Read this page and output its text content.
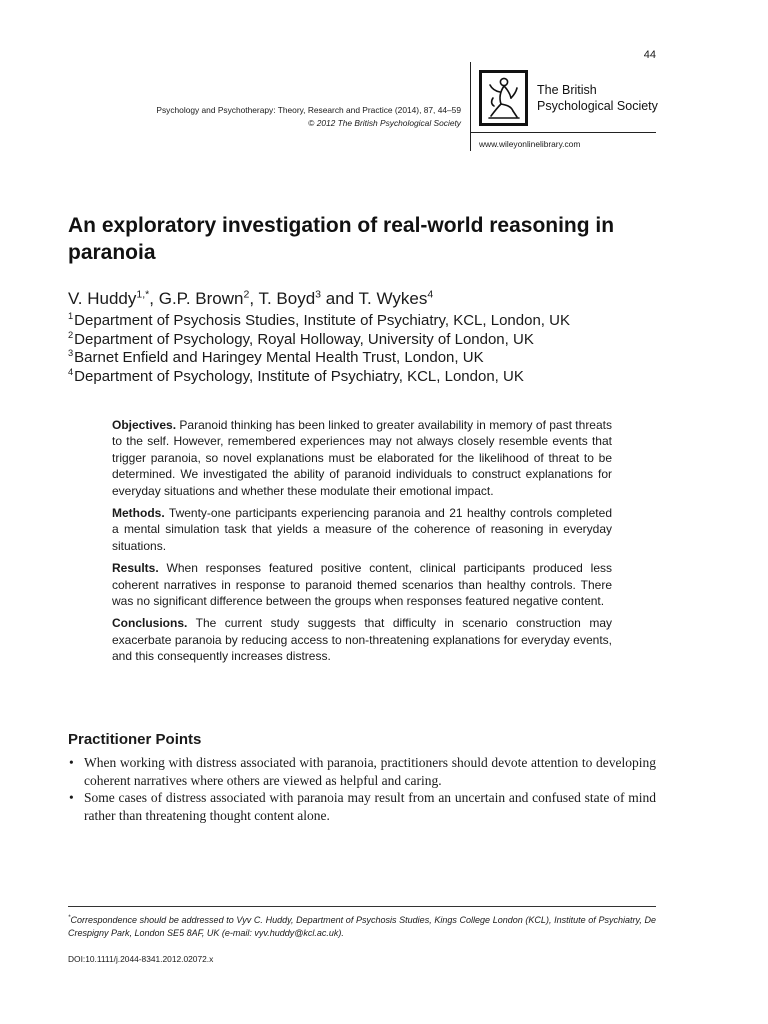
44
Psychology and Psychotherapy: Theory, Research and Practice (2014), 87, 44–59
© 2012 The British Psychological Society
The British
Psychological Society
www.wileyonlinelibrary.com
An exploratory investigation of real-world reasoning in paranoia
V. Huddy$^{1,*}$, G.P. Brown$^2$, T. Boyd$^3$ and T. Wykes$^4$
$^1$Department of Psychosis Studies, Institute of Psychiatry, KCL, London, UK
$^2$Department of Psychology, Royal Holloway, University of London, UK
$^3$Barnet Enfield and Haringey Mental Health Trust, London, UK
$^4$Department of Psychology, Institute of Psychiatry, KCL, London, UK

Objectives. Paranoid thinking has been linked to greater availability in memory of past threats to the self. However, remembered experiences may not always closely resemble events that trigger paranoia, so novel explanations must be elaborated for the likelihood of threat to be determined. We investigated the ability of paranoid individuals to construct explanations for everyday situations and whether these modulate their emotional impact.

Methods. Twenty-one participants experiencing paranoia and 21 healthy controls completed a mental simulation task that yields a measure of the coherence of reasoning in everyday situations.

Results. When responses featured positive content, clinical participants produced less coherent narratives in response to paranoid themed scenarios than healthy controls. There was no significant difference between the groups when responses featured negative content.

Conclusions. The current study suggests that difficulty in scenario construction may exacerbate paranoia by reducing access to non-threatening explanations for everyday events, and this consequently increases distress.

Practitioner Points
• When working with distress associated with paranoia, practitioners should devote attention to developing coherent narratives where others are viewed as helpful and caring.
• Some cases of distress associated with paranoia may result from an uncertain and confused state of mind rather than threatening thought content alone.

*Correspondence should be addressed to Vyv C. Huddy, Department of Psychosis Studies, Kings College London (KCL), Institute of Psychiatry, De Crespigny Park, London SE5 8AF, UK (e-mail: vyv.huddy@kcl.ac.uk).

DOI:10.1111/j.2044-8341.2012.02072.x
